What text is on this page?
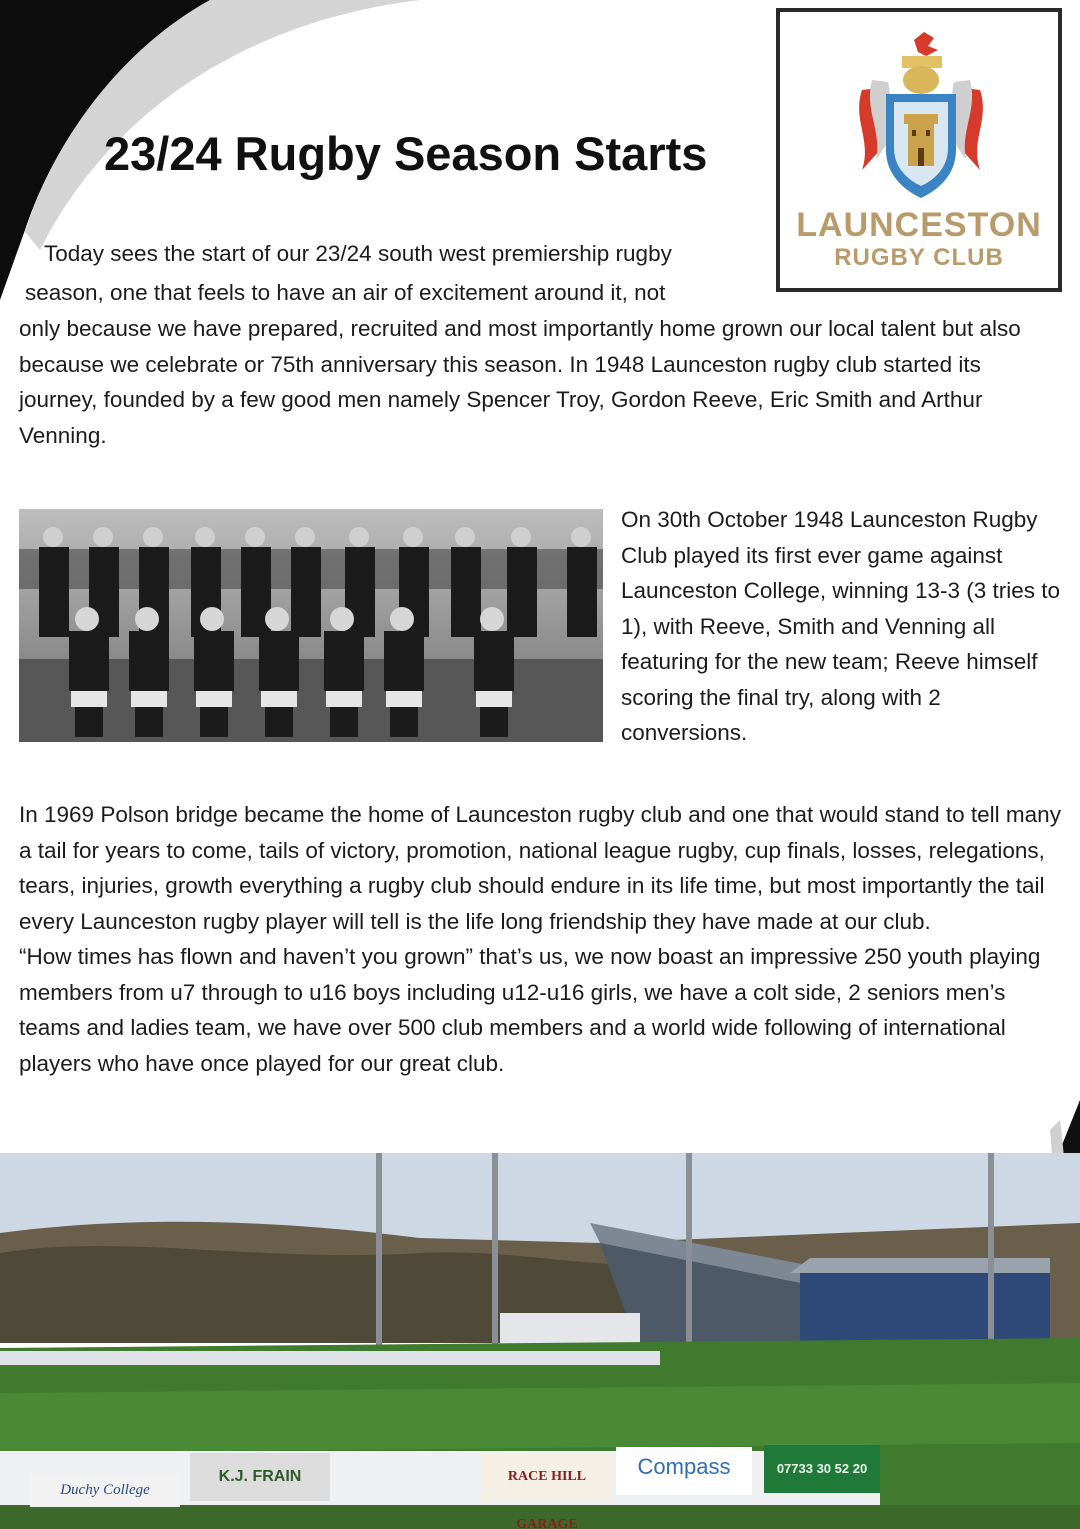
23/24 Rugby Season Starts
LAUNCESTON
RUGBY CLUB

Today sees the start of our 23/24 south west premiership rugby

season, one that feels to have an air of excitement around it, not

only because we have prepared, recruited and most importantly home grown our local talent but also because we celebrate or 75th anniversary this season. In 1948 Launceston rugby club started its journey, founded by a few good men namely Spencer Troy, Gordon Reeve, Eric Smith and Arthur Venning.

On 30th October 1948 Launceston Rugby Club played its first ever game against Launceston College, winning 13-3 (3 tries to 1), with Reeve, Smith and Venning all featuring for the new team; Reeve himself scoring the final try, along with 2 conversions.

In 1969 Polson bridge became the home of Launceston rugby club and one that would stand to tell many a tail for years to come, tails of victory, promotion, national league rugby, cup finals, losses, relegations, tears, injuries, growth everything a rugby club should endure in its life time, but most importantly the tail every Launceston rugby player will tell is the life long friendship they have made at our club.
“How times has flown and haven’t you grown” that’s us, we now boast an impressive 250 youth playing members from u7 through to u16 boys including u12-u16 girls, we have a colt side, 2 seniors men’s teams and ladies team, we have over 500 club members and a world wide following of international players who have once played for our great club.
K.J. FRAIN	RACE HILL GARAGE
Compass	07733 30 52 20
Duchy College
